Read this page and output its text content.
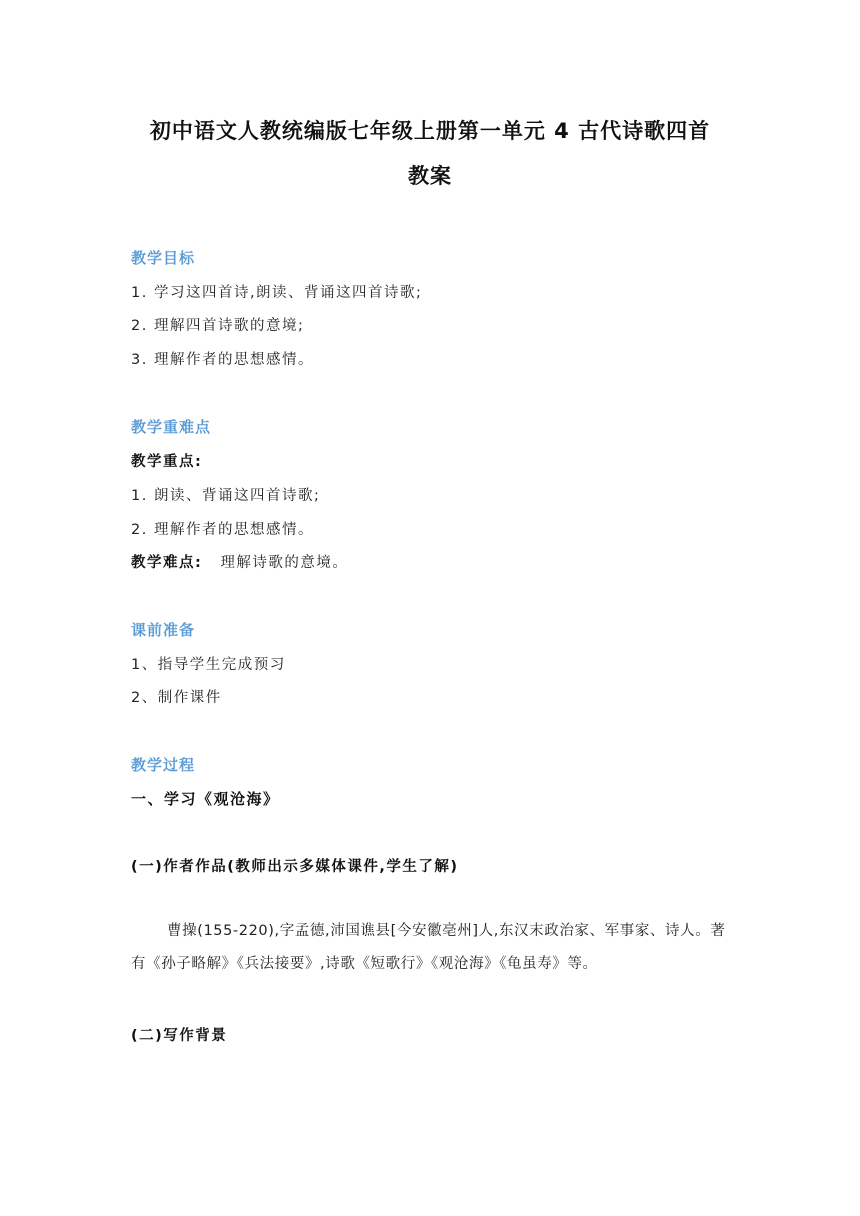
初中语文人教统编版七年级上册第一单元 4 古代诗歌四首
教案
教学目标
1. 学习这四首诗,朗读、背诵这四首诗歌;
2. 理解四首诗歌的意境;
3. 理解作者的思想感情。
教学重难点
教学重点:
1. 朗读、背诵这四首诗歌;
2. 理解作者的思想感情。
教学难点: 理解诗歌的意境。
课前准备
1、指导学生完成预习
2、制作课件
教学过程
一、学习《观沧海》
(一)作者作品(教师出示多媒体课件,学生了解)
曹操(155-220),字孟德,沛国谯县[今安徽亳州]人,东汉末政治家、军事家、诗人。著有《孙子略解》《兵法接要》,诗歌《短歌行》《观沧海》《龟虽寿》等。
(二)写作背景
